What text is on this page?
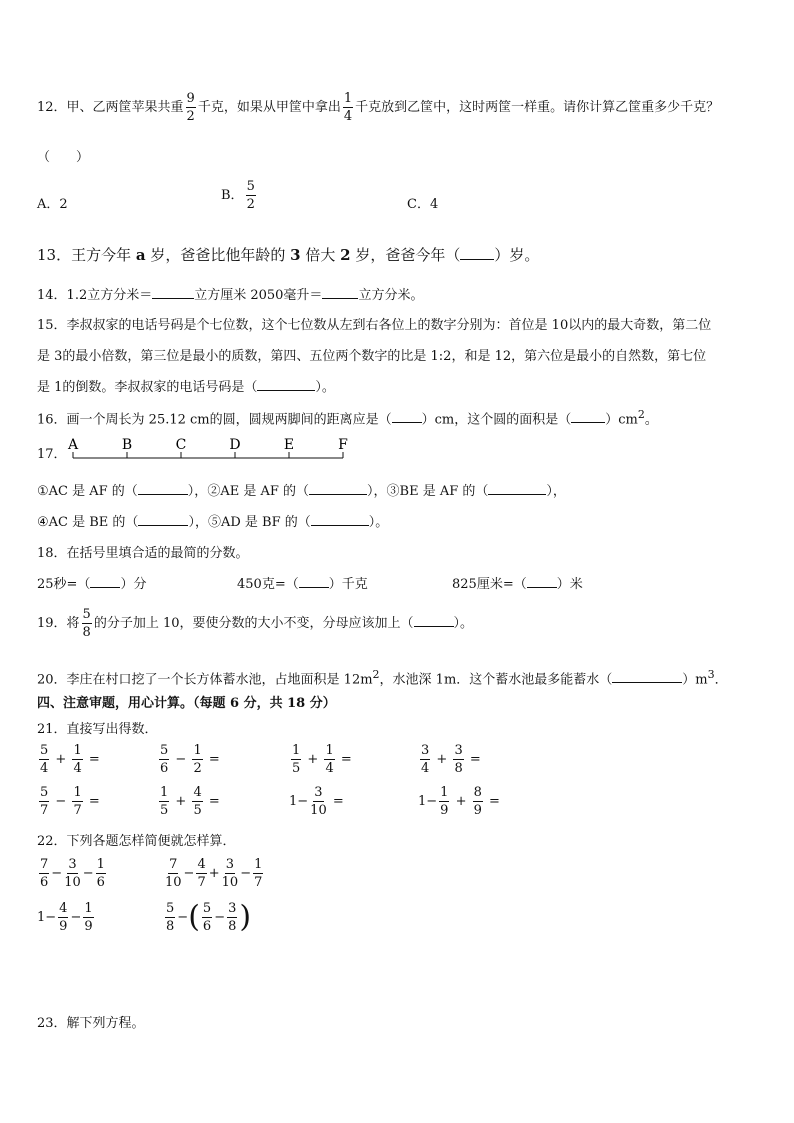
12．甲、乙两筐苹果共重 $\frac{9}{2}$ 千克，如果从甲筐中拿出 $\frac{1}{4}$ 千克放到乙筐中，这时两筐一样重。请你计算乙筐重多少千克？
（　　）
A．2
B． $\frac{5}{2}$	C．4
13．王方今年 a 岁，爸爸比他年龄的 3 倍大 2 岁，爸爸今年（ ）岁。
14．1.2立方分米＝	立方厘米 2050毫升＝	立方分米。
15．李叔叔家的电话号码是个七位数，这个七位数从左到右各位上的数字分别为：首位是 10以内的最大奇数，第二位
是 3的最小倍数，第三位是最小的质数，第四、五位两个数字的比是 1:2，和是 12，第六位是最小的自然数，第七位
是 1的倒数。李叔叔家的电话号码是（	）。
16．画一个周长为 25.12 cm的圆，圆规两脚间的距离应是（ ）cm，这个圆的面积是（	）$cm^2$。
17．
A	B	C	D	E	F
①AC 是 AF 的（	），②AE 是 AF 的（	），③BE 是 AF 的（	），
④AC 是 BE 的（	），⑤AD 是 BF 的（	）。
18．在括号里填合适的最简的分数。
25秒=（ ）分	450克=（ ）千克	825厘米=（ ）米
19．将 $\frac{5}{8}$ 的分子加上 10，要使分数的大小不变，分母应该加上（	）。
20．李庄在村口挖了一个长方体蓄水池，占地面积是 $12m^2$，水池深 1m．这个蓄水池最多能蓄水（	）$m^3$．
四、注意审题，用心计算。（每题 6 分，共 18 分）
21．直接写出得数．
$\frac{5}{4} + \frac{1}{4}$ =	$\frac{5}{6} - \frac{1}{2}$ =	$\frac{1}{5} + \frac{1}{4}$ =	$\frac{3}{4} + \frac{3}{8}$ =
$\frac{5}{7} - \frac{1}{7}$ =	$\frac{1}{5} + \frac{4}{5}$ =	$1- \frac{3}{10}$ =	$1- \frac{1}{9} + \frac{8}{9}$ =
22．下列各题怎样简便就怎样算．
$\frac{7}{6} - \frac{3}{10} - \frac{1}{6}$	$\frac{7}{10} - \frac{4}{7} + \frac{3}{10} - \frac{1}{7}$
$1- \frac{4}{9} - \frac{1}{9}$	$\frac{5}{8}$ −( $\frac{5}{6} - \frac{3}{8}$ )
23．解下列方程。
